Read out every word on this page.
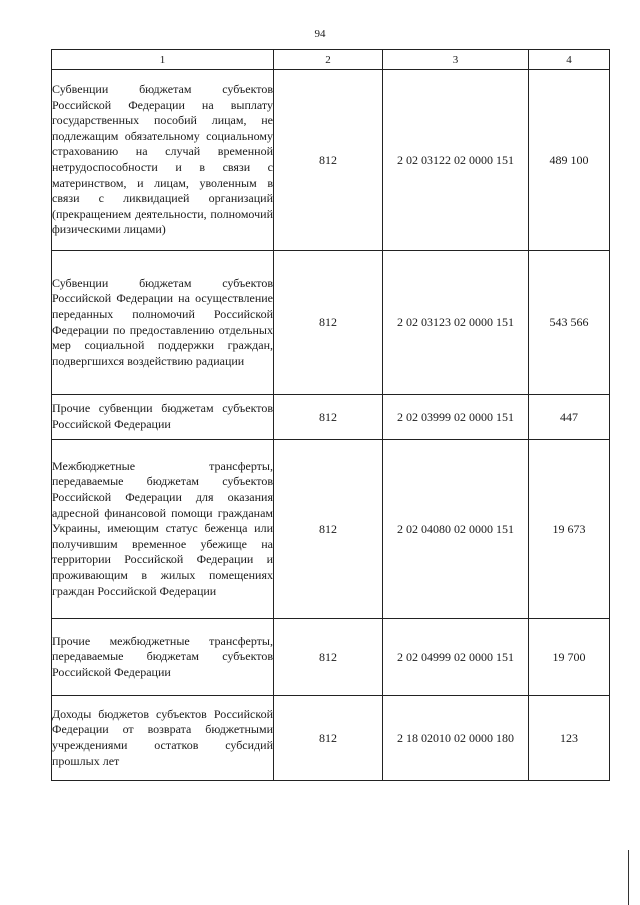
94
1	2	3	4
Субвенции бюджетам субъектов Российской Федерации на выплату государственных пособий лицам, не подлежащим обязательному социальному страхованию на случай временной нетрудоспособности и в связи с материнством, и лицам, уволенным в связи с ликвидацией организаций (прекращением деятельности, полномочий физическими лицами)	812	2 02 03122 02 0000 151	489 100
Субвенции бюджетам субъектов Российской Федерации на осуществление переданных полномочий Российской Федерации по предоставлению отдельных мер социальной поддержки граждан, подвергшихся воздействию радиации	812	2 02 03123 02 0000 151	543 566
Прочие субвенции бюджетам субъектов Российской Федерации	812	2 02 03999 02 0000 151	447
Межбюджетные трансферты, передаваемые бюджетам субъектов Российской Федерации для оказания адресной финансовой помощи гражданам Украины, имеющим статус беженца или получившим временное убежище на территории Российской Федерации и проживающим в жилых помещениях граждан Российской Федерации	812	2 02 04080 02 0000 151	19 673
Прочие межбюджетные трансферты, передаваемые бюджетам субъектов Российской Федерации	812	2 02 04999 02 0000 151	19 700
Доходы бюджетов субъектов Российской Федерации от возврата бюджетными учреждениями остатков субсидий прошлых лет	812	2 18 02010 02 0000 180	123
